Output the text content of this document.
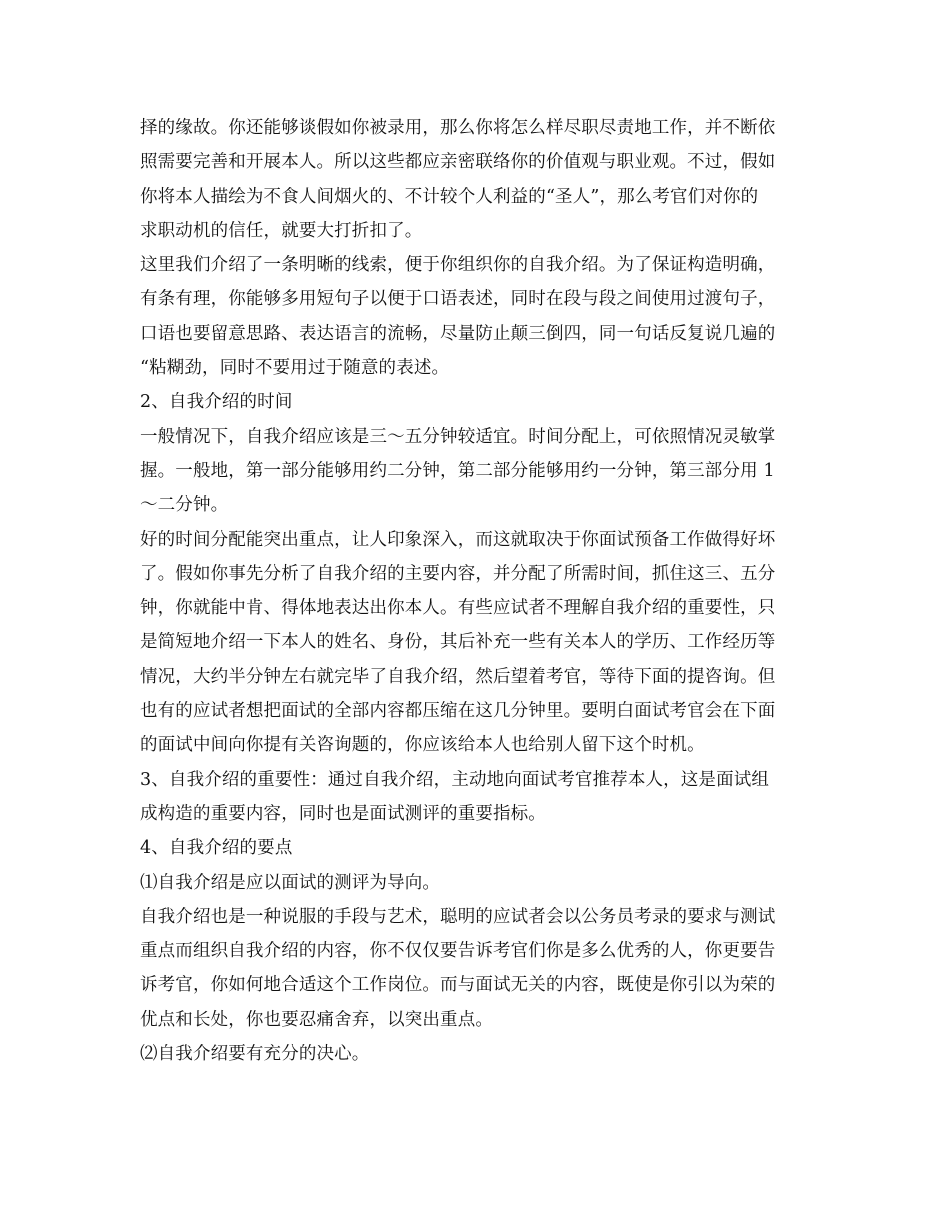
择的缘故。你还能够谈假如你被录用，那么你将怎么样尽职尽责地工作，并不断依
照需要完善和开展本人。所以这些都应亲密联络你的价值观与职业观。不过，假如
你将本人描绘为不食人间烟火的、不计较个人利益的“圣人”，那么考官们对你的
求职动机的信任，就要大打折扣了。
这里我们介绍了一条明晰的线索，便于你组织你的自我介绍。为了保证构造明确，
有条有理，你能够多用短句子以便于口语表述，同时在段与段之间使用过渡句子，
口语也要留意思路、表达语言的流畅，尽量防止颠三倒四，同一句话反复说几遍的
“粘糊劲，同时不要用过于随意的表述。
2、自我介绍的时间
一般情况下，自我介绍应该是三～五分钟较适宜。时间分配上，可依照情况灵敏掌
握。一般地，第一部分能够用约二分钟，第二部分能够用约一分钟，第三部分用 1
～二分钟。
好的时间分配能突出重点，让人印象深入，而这就取决于你面试预备工作做得好坏
了。假如你事先分析了自我介绍的主要内容，并分配了所需时间，抓住这三、五分
钟，你就能中肯、得体地表达出你本人。有些应试者不理解自我介绍的重要性，只
是简短地介绍一下本人的姓名、身份，其后补充一些有关本人的学历、工作经历等
情况，大约半分钟左右就完毕了自我介绍，然后望着考官，等待下面的提咨询。但
也有的应试者想把面试的全部内容都压缩在这几分钟里。要明白面试考官会在下面
的面试中间向你提有关咨询题的，你应该给本人也给别人留下这个时机。
3、自我介绍的重要性：通过自我介绍，主动地向面试考官推荐本人，这是面试组
成构造的重要内容，同时也是面试测评的重要指标。
4、自我介绍的要点
⑴自我介绍是应以面试的测评为导向。
自我介绍也是一种说服的手段与艺术，聪明的应试者会以公务员考录的要求与测试
重点而组织自我介绍的内容，你不仅仅要告诉考官们你是多么优秀的人，你更要告
诉考官，你如何地合适这个工作岗位。而与面试无关的内容，既使是你引以为荣的
优点和长处，你也要忍痛舍弃，以突出重点。
⑵自我介绍要有充分的决心。
